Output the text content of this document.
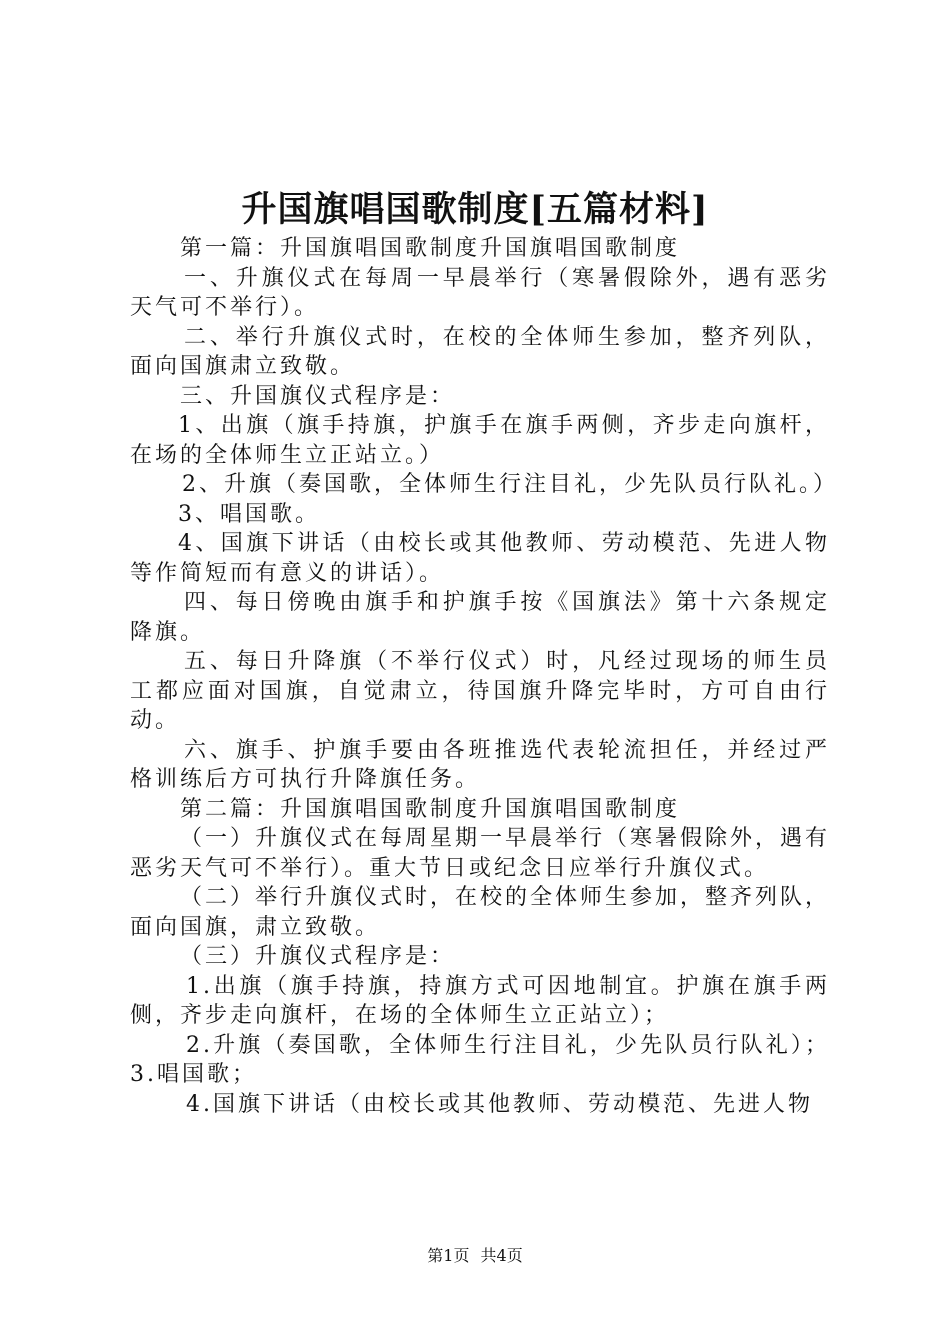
升国旗唱国歌制度[五篇材料]

第一篇：升国旗唱国歌制度升国旗唱国歌制度

一、升旗仪式在每周一早晨举行（寒暑假除外，遇有恶劣天气可不举行）。

二、举行升旗仪式时，在校的全体师生参加，整齐列队，面向国旗肃立致敬。

三、升国旗仪式程序是：

1、出旗（旗手持旗，护旗手在旗手两侧，齐步走向旗杆，在场的全体师生立正站立。）

2、升旗（奏国歌，全体师生行注目礼，少先队员行队礼。）

3、唱国歌。

4、国旗下讲话（由校长或其他教师、劳动模范、先进人物等作简短而有意义的讲话）。

四、每日傍晚由旗手和护旗手按《国旗法》第十六条规定降旗。

五、每日升降旗（不举行仪式）时，凡经过现场的师生员工都应面对国旗，自觉肃立，待国旗升降完毕时，方可自由行动。

六、旗手、护旗手要由各班推选代表轮流担任，并经过严格训练后方可执行升降旗任务。

第二篇：升国旗唱国歌制度升国旗唱国歌制度

（一）升旗仪式在每周星期一早晨举行（寒暑假除外，遇有恶劣天气可不举行）。重大节日或纪念日应举行升旗仪式。

（二）举行升旗仪式时，在校的全体师生参加，整齐列队，面向国旗，肃立致敬。

（三）升旗仪式程序是：

1.出旗（旗手持旗，持旗方式可因地制宜。护旗在旗手两侧，齐步走向旗杆，在场的全体师生立正站立）；

2.升旗（奏国歌，全体师生行注目礼，少先队员行队礼）；3.唱国歌；

4.国旗下讲话（由校长或其他教师、劳动模范、先进人物

第1页 共4页
